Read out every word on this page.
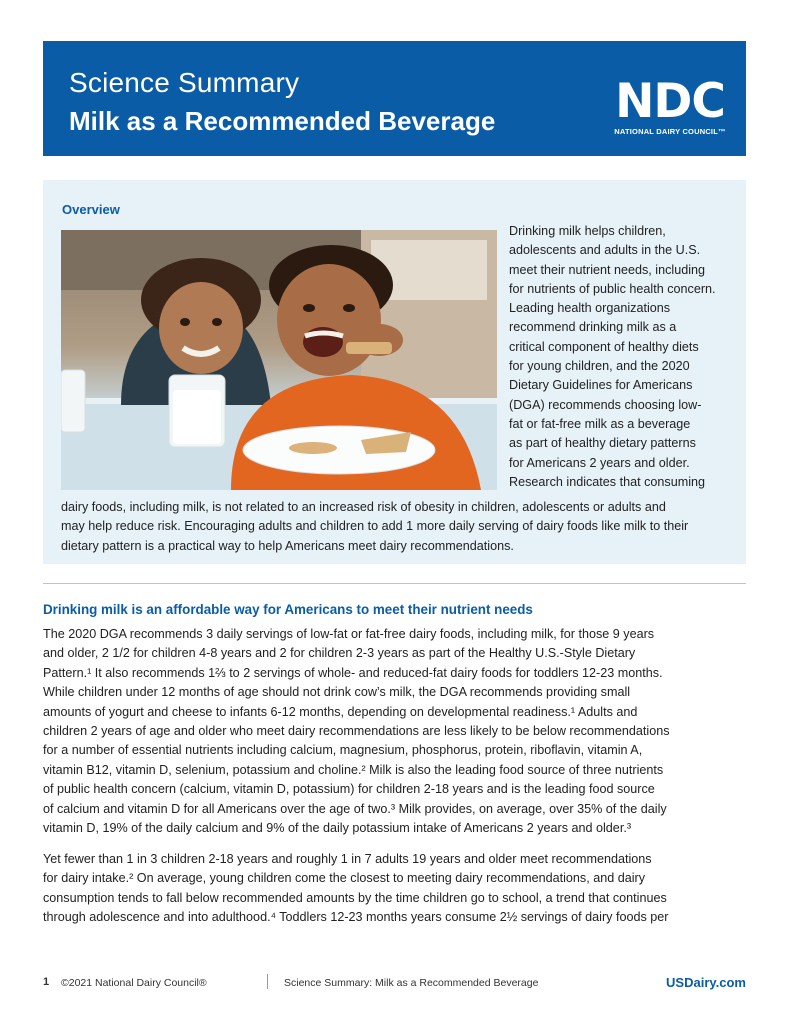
Science Summary
Milk as a Recommended Beverage	NDC
NATIONAL DAIRY COUNCIL™
Overview
Drinking milk helps children,
adolescents and adults in the U.S.
meet their nutrient needs, including
for nutrients of public health concern.
Leading health organizations
recommend drinking milk as a
critical component of healthy diets
for young children, and the 2020
Dietary Guidelines for Americans
(DGA) recommends choosing low-
fat or fat-free milk as a beverage
as part of healthy dietary patterns
for Americans 2 years and older.
Research indicates that consuming
dairy foods, including milk, is not related to an increased risk of obesity in children, adolescents or adults and
may help reduce risk. Encouraging adults and children to add 1 more daily serving of dairy foods like milk to their
dietary pattern is a practical way to help Americans meet dairy recommendations.
Drinking milk is an affordable way for Americans to meet their nutrient needs
The 2020 DGA recommends 3 daily servings of low-fat or fat-free dairy foods, including milk, for those 9 years
and older, 2 1/2 for children 4-8 years and 2 for children 2-3 years as part of the Healthy U.S.-Style Dietary
Pattern.¹ It also recommends 1⅔ to 2 servings of whole- and reduced-fat dairy foods for toddlers 12-23 months.
While children under 12 months of age should not drink cow’s milk, the DGA recommends providing small
amounts of yogurt and cheese to infants 6-12 months, depending on developmental readiness.¹ Adults and
children 2 years of age and older who meet dairy recommendations are less likely to be below recommendations
for a number of essential nutrients including calcium, magnesium, phosphorus, protein, riboflavin, vitamin A,
vitamin B12, vitamin D, selenium, potassium and choline.² Milk is also the leading food source of three nutrients
of public health concern (calcium, vitamin D, potassium) for children 2-18 years and is the leading food source
of calcium and vitamin D for all Americans over the age of two.³ Milk provides, on average, over 35% of the daily
vitamin D, 19% of the daily calcium and 9% of the daily potassium intake of Americans 2 years and older.³
Yet fewer than 1 in 3 children 2-18 years and roughly 1 in 7 adults 19 years and older meet recommendations
for dairy intake.² On average, young children come the closest to meeting dairy recommendations, and dairy
consumption tends to fall below recommended amounts by the time children go to school, a trend that continues
through adolescence and into adulthood.⁴ Toddlers 12-23 months years consume 2½ servings of dairy foods per
1 ©2021 National Dairy Council®	Science Summary: Milk as a Recommended Beverage	USDairy.com
